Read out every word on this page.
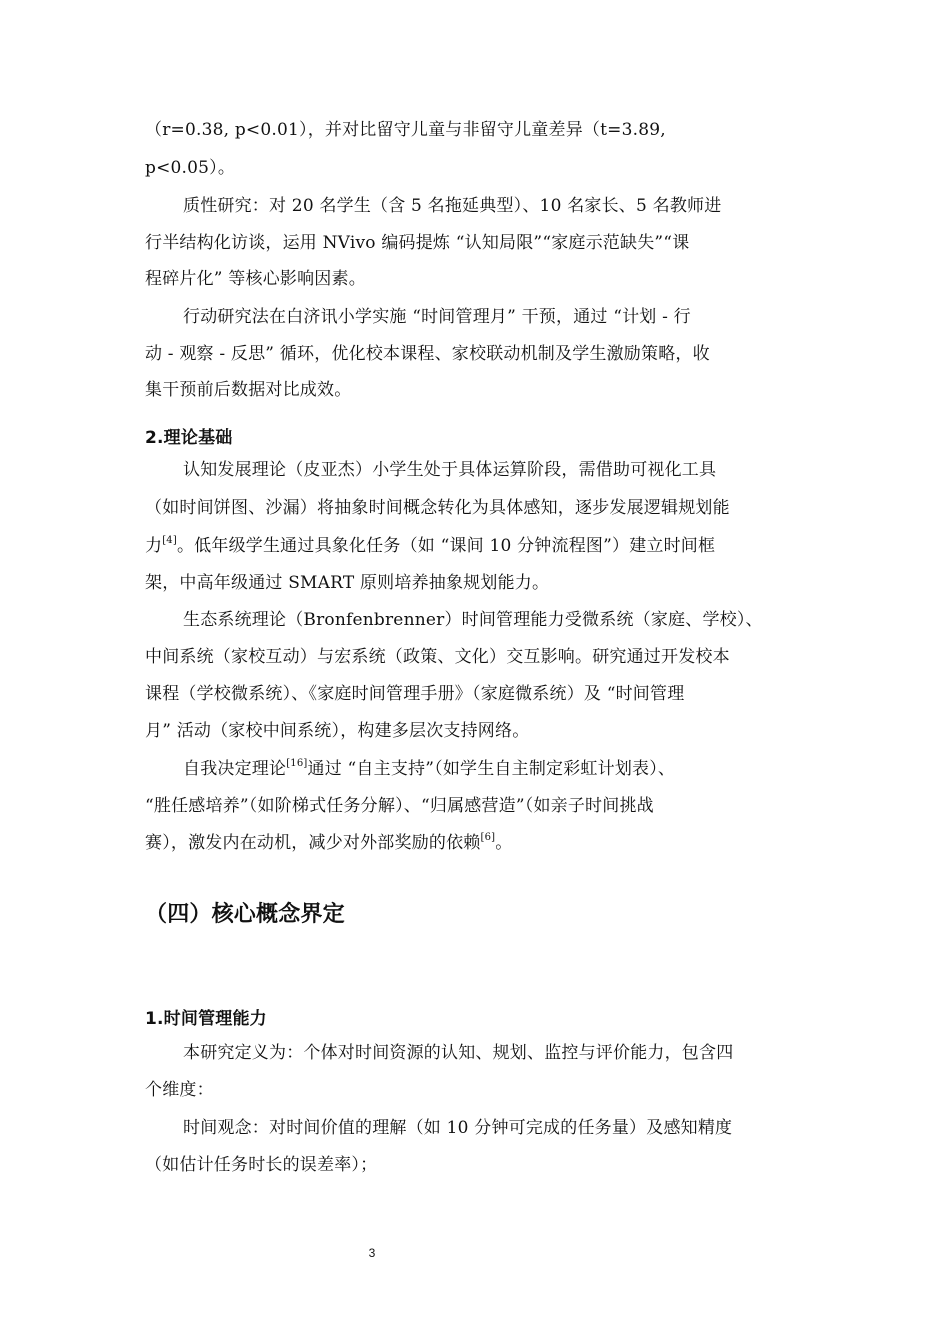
（r=0.38, p<0.01），并对比留守儿童与非留守儿童差异（t=3.89,
p<0.05）。
质性研究：对 20 名学生（含 5 名拖延典型）、10 名家长、5 名教师进
行半结构化访谈，运用 NVivo 编码提炼 “认知局限”“家庭示范缺失”“课
程碎片化” 等核心影响因素。
行动研究法在白济讯小学实施 “时间管理月” 干预，通过 “计划 - 行
动 - 观察 - 反思” 循环，优化校本课程、家校联动机制及学生激励策略，收
集干预前后数据对比成效。
2.理论基础
认知发展理论（皮亚杰）小学生处于具体运算阶段，需借助可视化工具
（如时间饼图、沙漏）将抽象时间概念转化为具体感知，逐步发展逻辑规划能
力[4]。低年级学生通过具象化任务（如 “课间 10 分钟流程图”）建立时间框
架，中高年级通过 SMART 原则培养抽象规划能力。
生态系统理论（Bronfenbrenner）时间管理能力受微系统（家庭、学校）、
中间系统（家校互动）与宏系统（政策、文化）交互影响。研究通过开发校本
课程（学校微系统）、《家庭时间管理手册》（家庭微系统）及 “时间管理
月” 活动（家校中间系统），构建多层次支持网络。
自我决定理论[16]通过 “自主支持”（如学生自主制定彩虹计划表）、
“胜任感培养”（如阶梯式任务分解）、“归属感营造”（如亲子时间挑战
赛），激发内在动机，减少对外部奖励的依赖[6]。
（四）核心概念界定
1.时间管理能力
本研究定义为：个体对时间资源的认知、规划、监控与评价能力，包含四
个维度：
时间观念：对时间价值的理解（如 10 分钟可完成的任务量）及感知精度
（如估计任务时长的误差率）；
3
